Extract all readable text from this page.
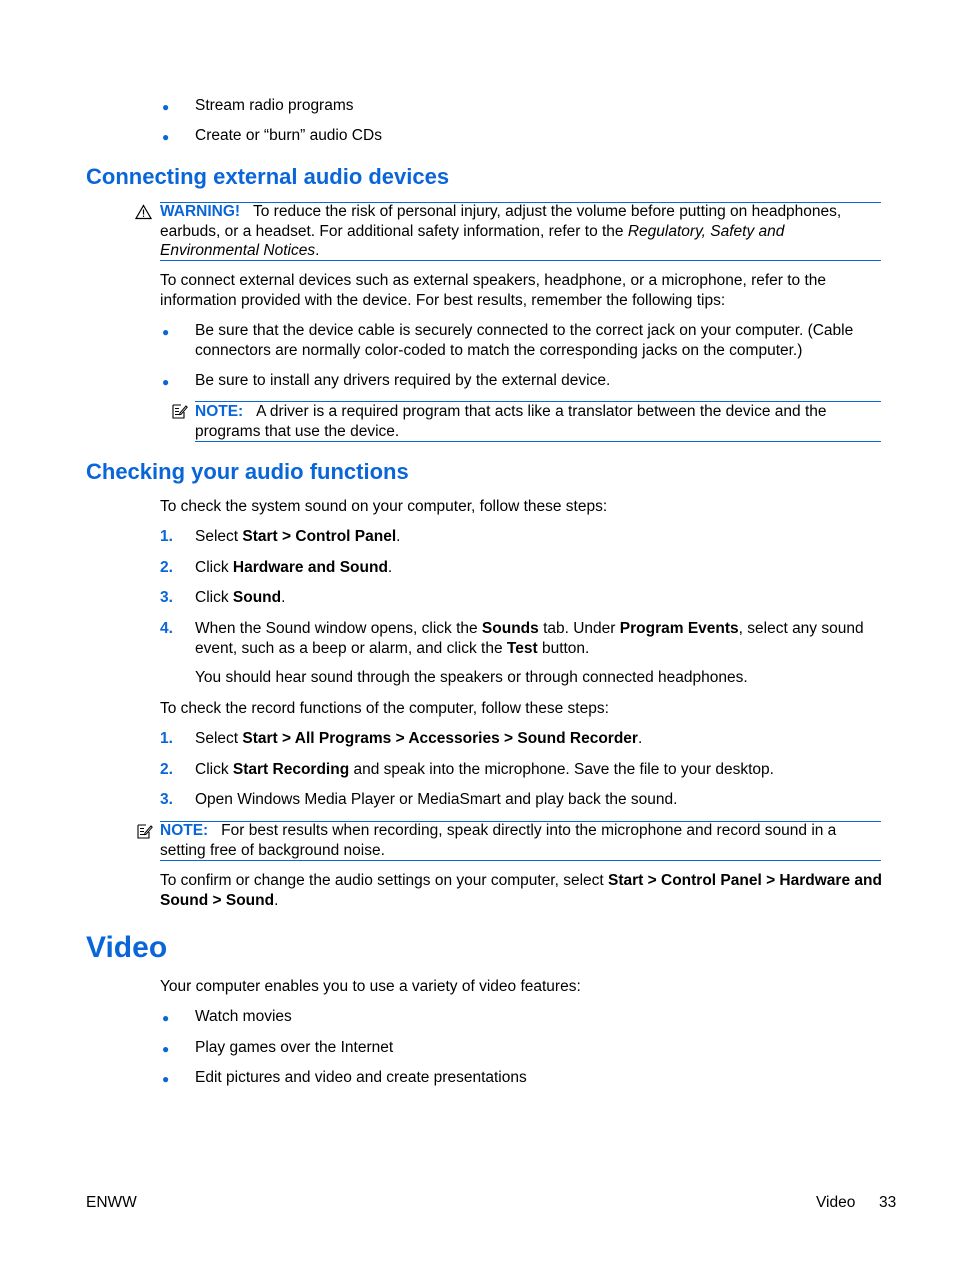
● Stream radio programs
● Create or “burn” audio CDs
Connecting external audio devices
WARNING! To reduce the risk of personal injury, adjust the volume before putting on headphones, earbuds, or a headset. For additional safety information, refer to the Regulatory, Safety and Environmental Notices.
To connect external devices such as external speakers, headphone, or a microphone, refer to the information provided with the device. For best results, remember the following tips:
● Be sure that the device cable is securely connected to the correct jack on your computer. (Cable connectors are normally color-coded to match the corresponding jacks on the computer.)
● Be sure to install any drivers required by the external device.
NOTE: A driver is a required program that acts like a translator between the device and the programs that use the device.
Checking your audio functions
To check the system sound on your computer, follow these steps:
1. Select Start > Control Panel.
2. Click Hardware and Sound.
3. Click Sound.
4. When the Sound window opens, click the Sounds tab. Under Program Events, select any sound event, such as a beep or alarm, and click the Test button.
You should hear sound through the speakers or through connected headphones.
To check the record functions of the computer, follow these steps:
1. Select Start > All Programs > Accessories > Sound Recorder.
2. Click Start Recording and speak into the microphone. Save the file to your desktop.
3. Open Windows Media Player or MediaSmart and play back the sound.
NOTE: For best results when recording, speak directly into the microphone and record sound in a setting free of background noise.
To confirm or change the audio settings on your computer, select Start > Control Panel > Hardware and Sound > Sound.
Video
Your computer enables you to use a variety of video features:
● Watch movies
● Play games over the Internet
● Edit pictures and video and create presentations
ENWW	Video 33
